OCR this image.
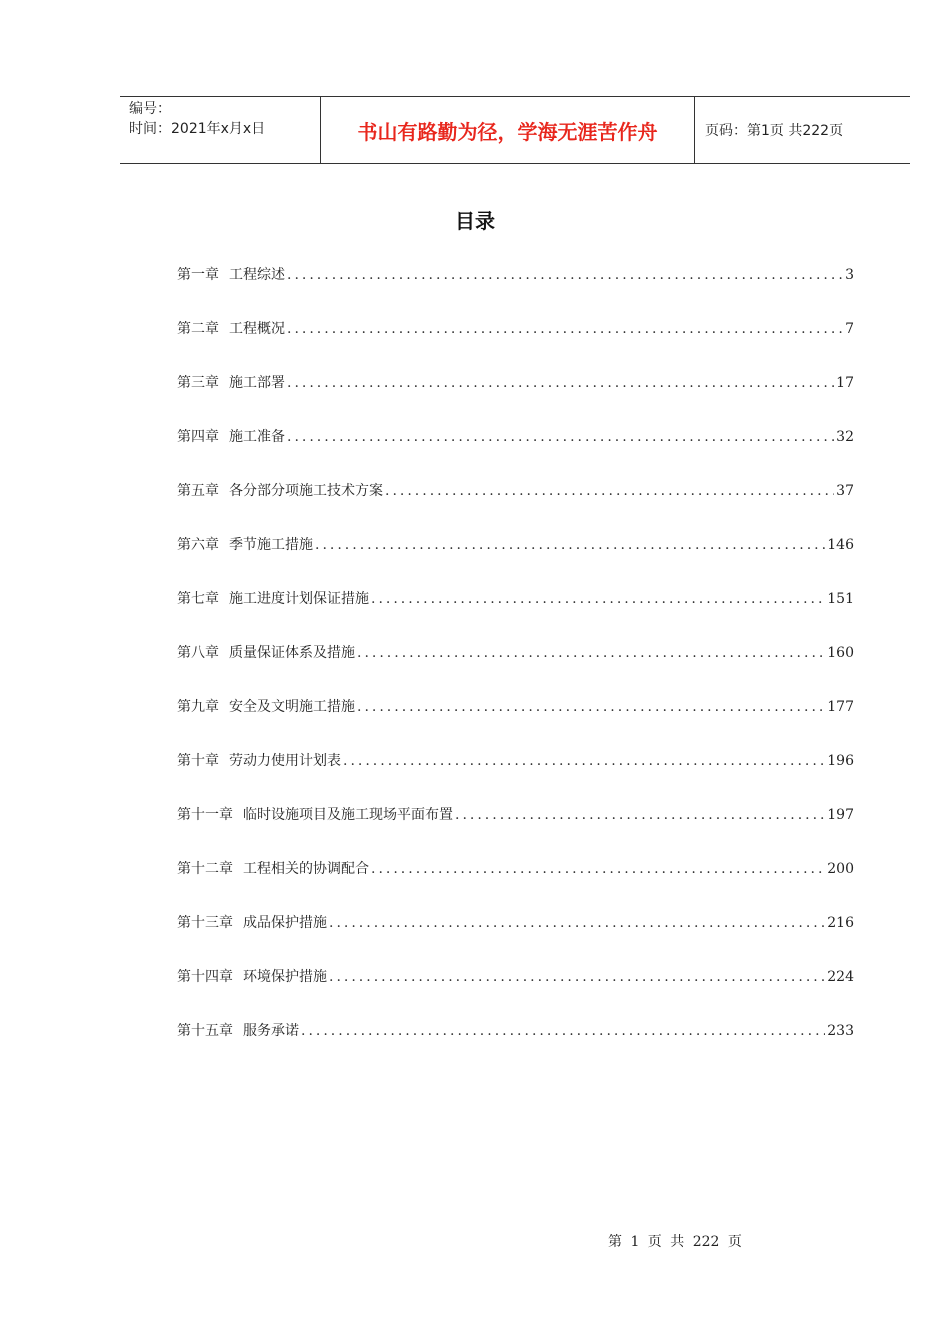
编号：
时间：2021年x月x日	书山有路勤为径，学海无涯苦作舟	页码：第1页 共222页
目录
第一章 工程综述 .....	3
第二章 工程概况 .....	7
第三章 施工部署 .....	17
第四章 施工准备 .....	32
第五章 各分部分项施工技术方案 .....	37
第六章 季节施工措施 .....	146
第七章 施工进度计划保证措施 .....	151
第八章 质量保证体系及措施 .....	160
第九章 安全及文明施工措施 .....	177
第十章 劳动力使用计划表 .....	196
第十一章 临时设施项目及施工现场平面布置 .....	197
第十二章 工程相关的协调配合 .....	200
第十三章 成品保护措施 .....	216
第十四章 环境保护措施 .....	224
第十五章 服务承诺 .....	233
第 1 页 共 222 页
